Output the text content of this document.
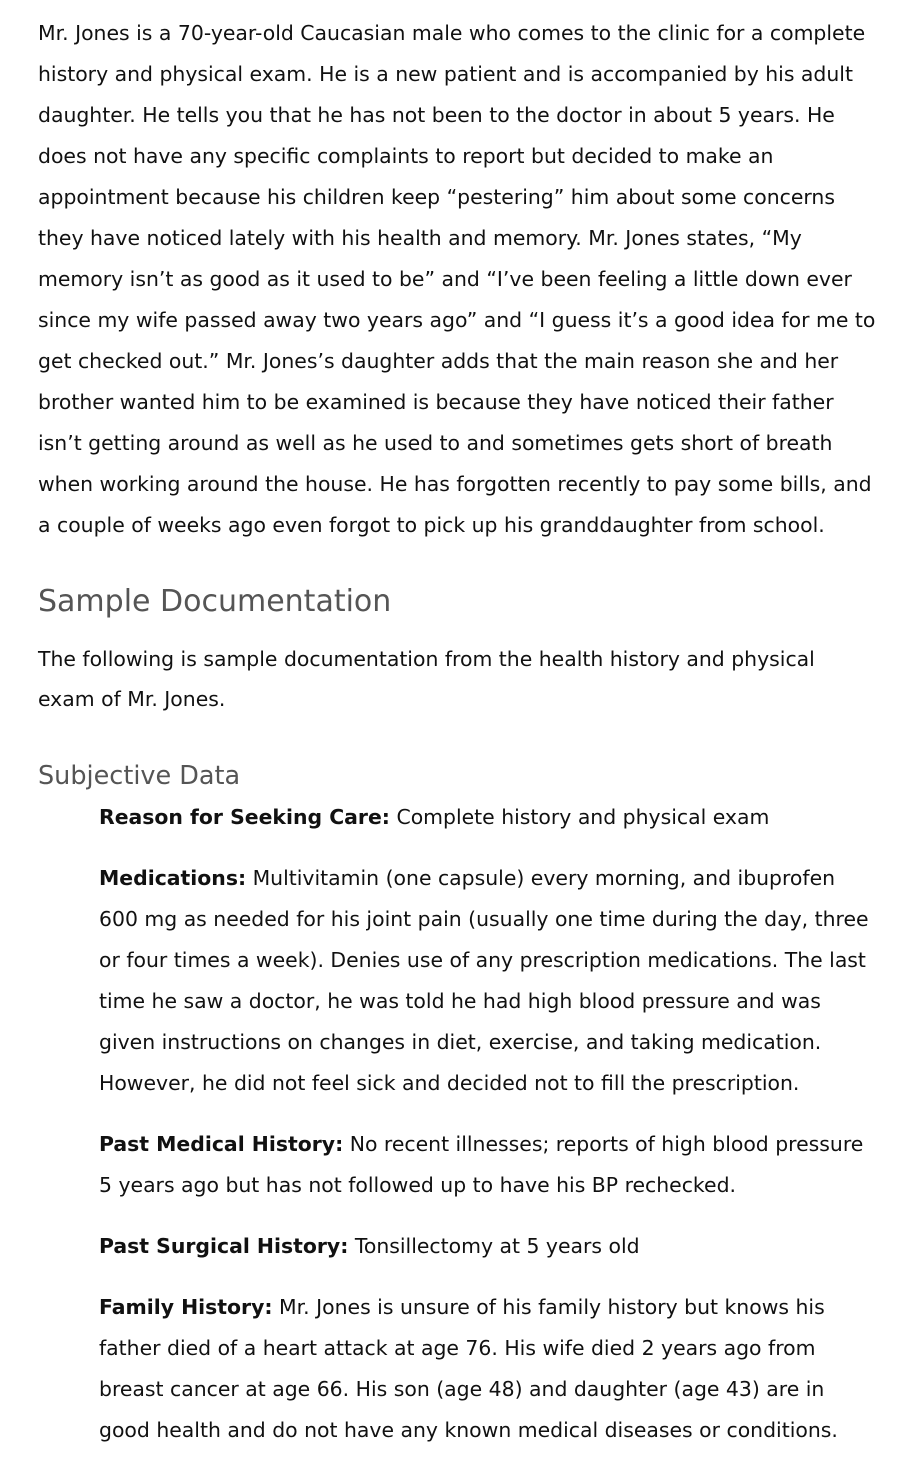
Mr. Jones is a 70-year-old Caucasian male who comes to the clinic for a complete history and physical exam. He is a new patient and is accompanied by his adult daughter. He tells you that he has not been to the doctor in about 5 years. He does not have any specific complaints to report but decided to make an appointment because his children keep “pestering” him about some concerns they have noticed lately with his health and memory. Mr. Jones states, “My memory isn’t as good as it used to be” and “I’ve been feeling a little down ever since my wife passed away two years ago” and “I guess it’s a good idea for me to get checked out.” Mr. Jones’s daughter adds that the main reason she and her brother wanted him to be examined is because they have noticed their father isn’t getting around as well as he used to and sometimes gets short of breath when working around the house. He has forgotten recently to pay some bills, and a couple of weeks ago even forgot to pick up his granddaughter from school.

Sample Documentation

The following is sample documentation from the health history and physical exam of Mr. Jones.

Subjective Data

Reason for Seeking Care: Complete history and physical exam

Medications: Multivitamin (one capsule) every morning, and ibuprofen 600 mg as needed for his joint pain (usually one time during the day, three or four times a week). Denies use of any prescription medications. The last time he saw a doctor, he was told he had high blood pressure and was given instructions on changes in diet, exercise, and taking medication. However, he did not feel sick and decided not to fill the prescription.

Past Medical History: No recent illnesses; reports of high blood pressure 5 years ago but has not followed up to have his BP rechecked.

Past Surgical History: Tonsillectomy at 5 years old

Family History: Mr. Jones is unsure of his family history but knows his father died of a heart attack at age 76. His wife died 2 years ago from breast cancer at age 66. His son (age 48) and daughter (age 43) are in good health and do not have any known medical diseases or conditions.
